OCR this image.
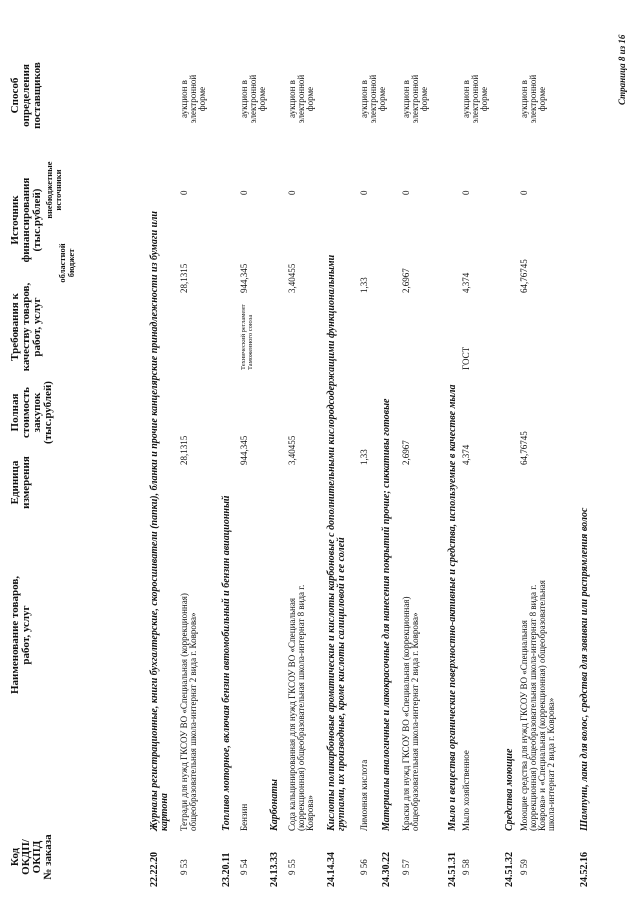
Код ОКДП/ ОКПД № заказа
Наименование товаров, работ, услуг
Единица измерения
Полная стоимость закупок (тыс.рублей)
Требования к качеству товаров, работ, услуг
Источник финансирования (тыс.рублей)
областной бюджет
внебюджетные источники
Способ определения поставщиков
22.22.20
Журналы регистрационные, книги бухгалтерские, скоросшиватели (папки), бланки и прочие канцелярские принадлежности из бумаги или картона
9 53
Тетради для нужд ГКСОУ ВО «Специальная (коррекционная) общеобразовательная школа-интернат 2 вида г. Коврова»
28,1315
28,1315
0
аукцион в электронной форме
23.20.11
Топливо моторное, включая бензин автомобильный и бензин авиационный
9 54
Бензин
944,345
Технический регламент Таможенного союза
944,345
0
аукцион в электронной форме
24.13.33
Карбонаты
9 55
Сода кальцинированная для нужд ГКСОУ ВО «Специальная (коррекционная) общеобразовательная школа-интернат 8 вида г. Коврова»
3,40455
3,40455
0
аукцион в электронной форме
24.14.34
Кислоты поликарбоновые ароматические и кислоты карбоновые с дополнительными кислородсодержащими функциональными группами, их производные, кроме кислоты салициловой и ее солей
9 56
Лимонная кислота
1,33
1,33
0
аукцион в электронной форме
24.30.22
Материалы аналогичные и лакокрасочные для нанесения покрытий прочие; сиккативы готовые
9 57
Краски для нужд ГКСОУ ВО «Специальная (коррекционная) общеобразовательная школа-интернат 2 вида г. Коврова»
2,6967
2,6967
0
аукцион в электронной форме
24.51.31
Мыло и вещества органические поверхностно-активные и средства, используемые в качестве мыла
9 58
Мыло хозяйственное
4,374
ГОСТ
4,374
0
аукцион в электронной форме
24.51.32
Средства моющие
9 59
Моющие средства для нужд ГКСОУ ВО «Специальная (коррекционная) общеобразовательная школа-интернат 8 вида г. Коврова» и «Специальная (коррекционная) общеобразовательная школа-интернат 2 вида г. Коврова»
64,76745
64,76745
0
аукцион в электронной форме
24.52.16
Шампуни, лаки для волос, средства для завивки или распрямления волос
Страница 8 из 16
